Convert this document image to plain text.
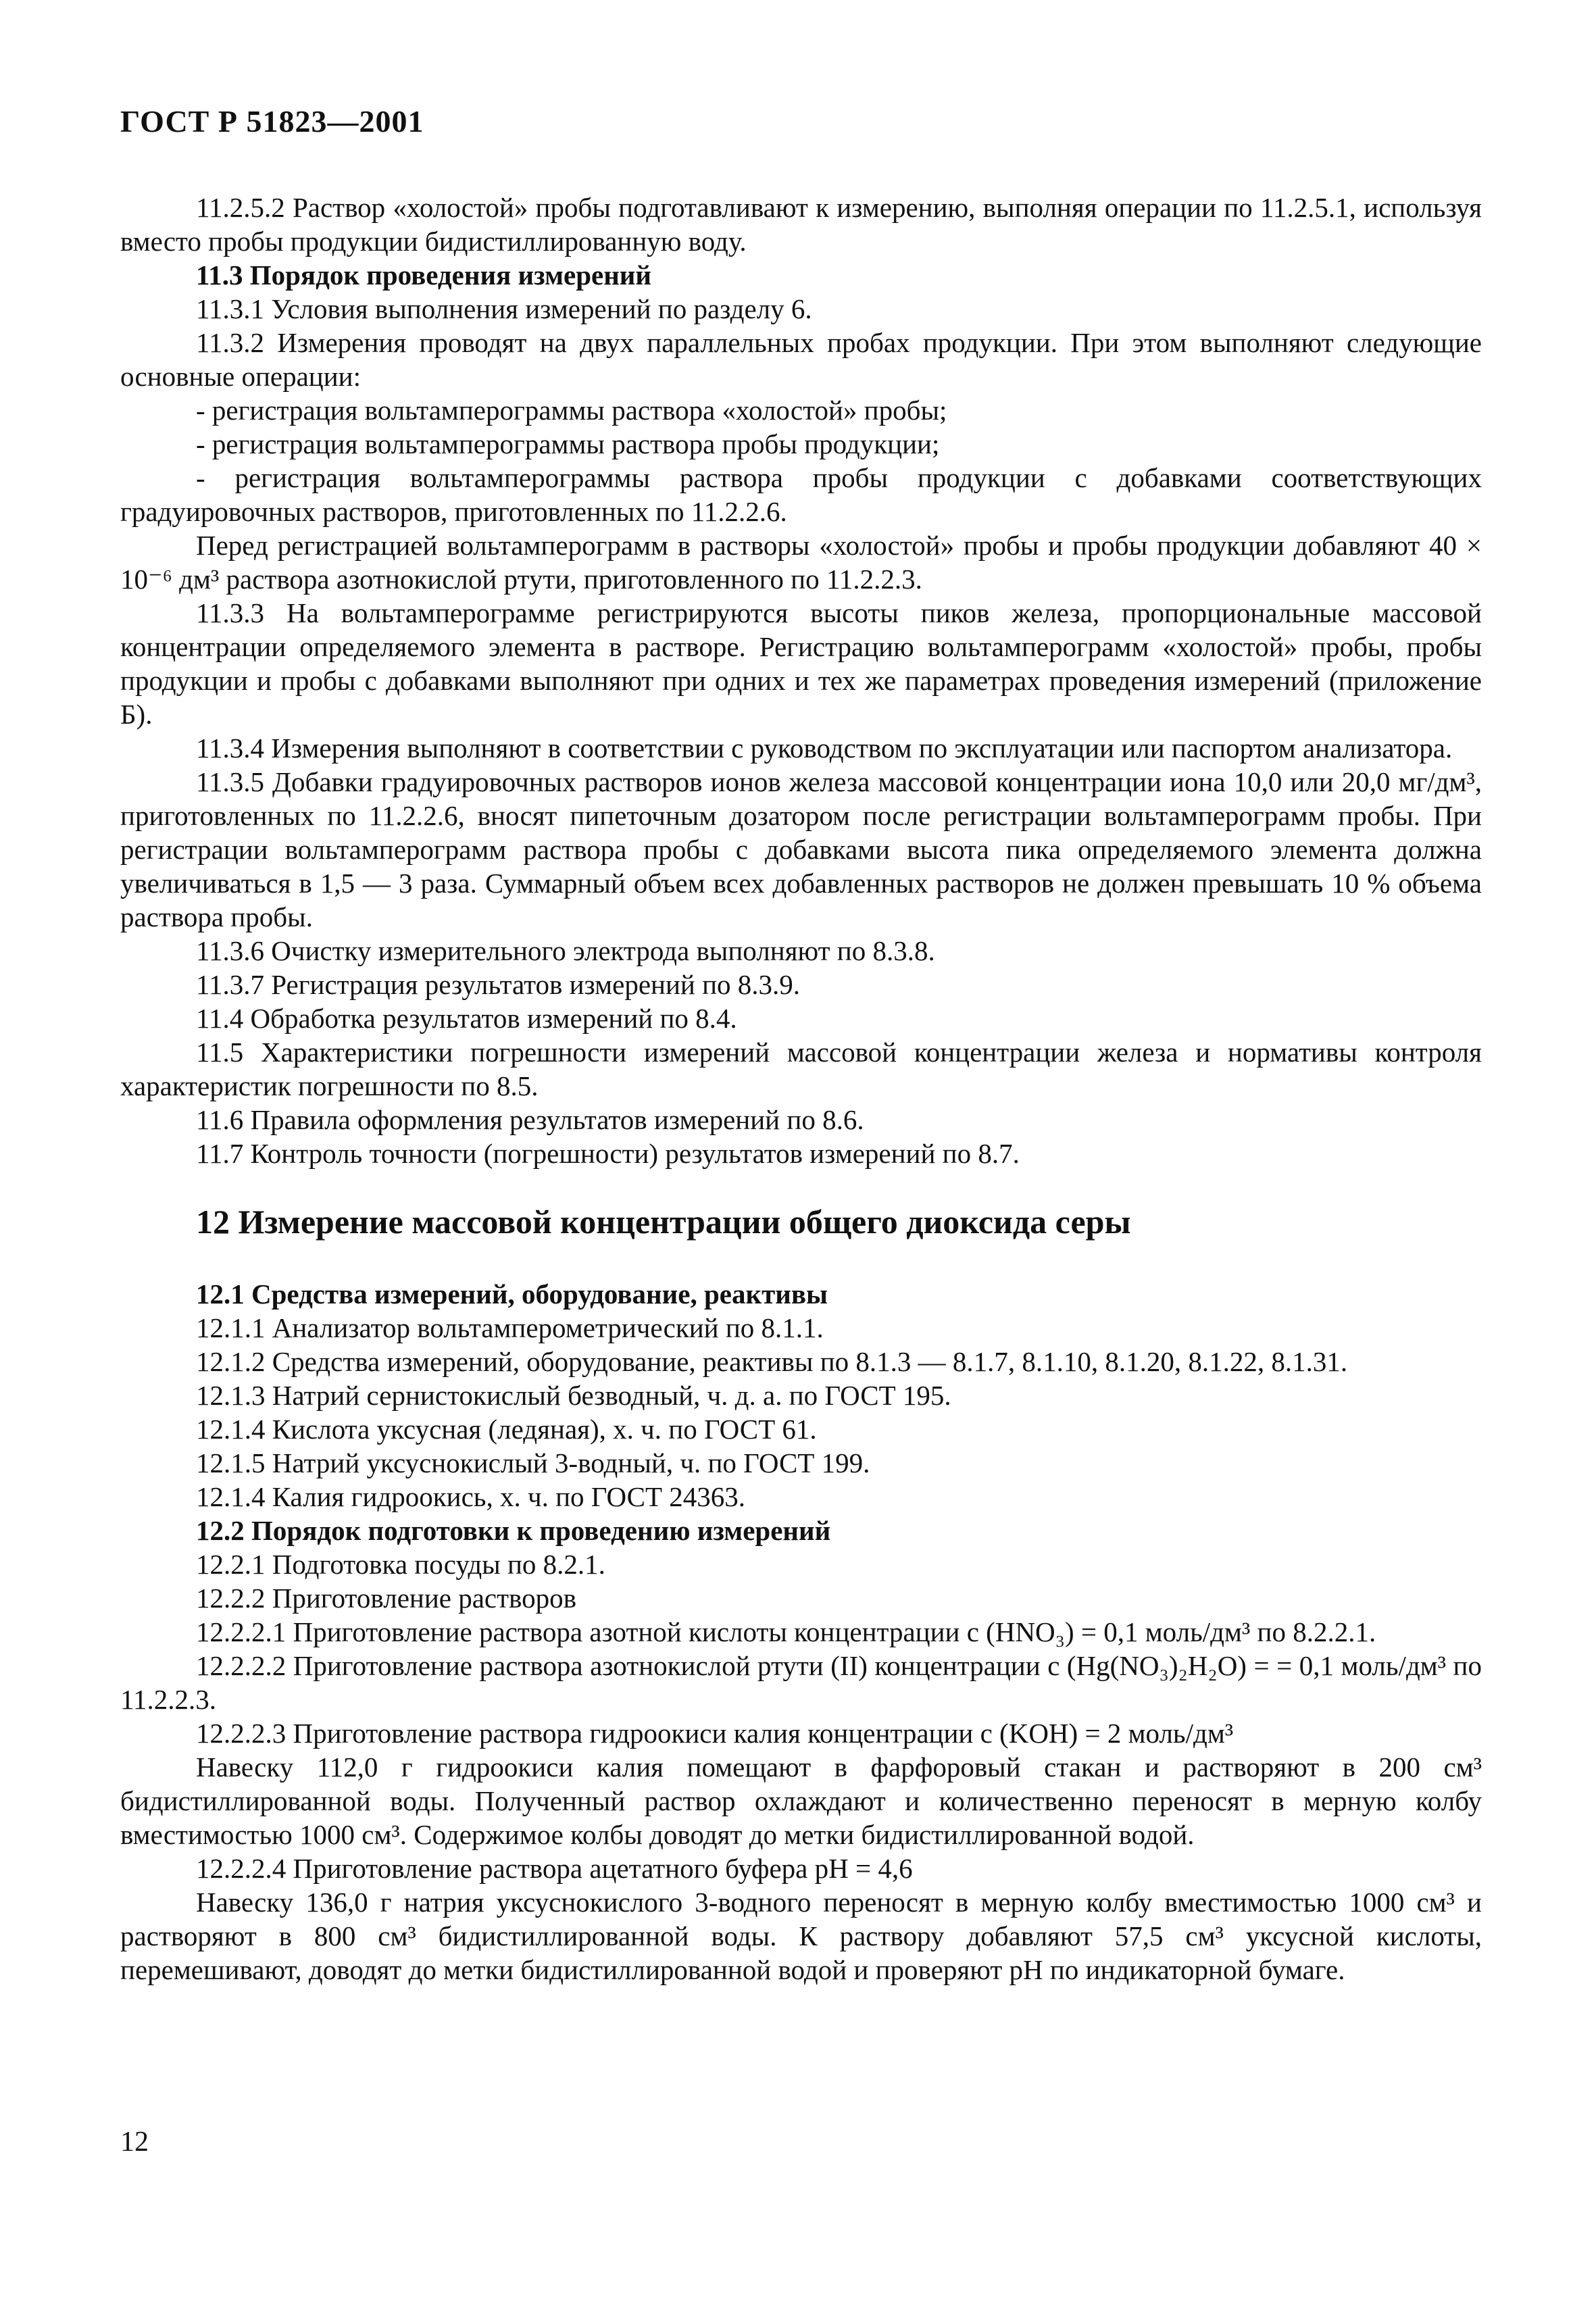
ГОСТ Р 51823—2001

11.2.5.2 Раствор «холостой» пробы подготавливают к измерению, выполняя операции по 11.2.5.1, используя вместо пробы продукции бидистиллированную воду.

11.3 Порядок проведения измерений

11.3.1 Условия выполнения измерений по разделу 6.

11.3.2 Измерения проводят на двух параллельных пробах продукции. При этом выполняют следующие основные операции:

- регистрация вольтамперограммы раствора «холостой» пробы;

- регистрация вольтамперограммы раствора пробы продукции;

- регистрация вольтамперограммы раствора пробы продукции с добавками соответствующих градуировочных растворов, приготовленных по 11.2.2.6.

Перед регистрацией вольтамперограмм в растворы «холостой» пробы и пробы продукции добавляют 40 × 10⁻⁶ дм³ раствора азотнокислой ртути, приготовленного по 11.2.2.3.

11.3.3 На вольтамперограмме регистрируются высоты пиков железа, пропорциональные массовой концентрации определяемого элемента в растворе. Регистрацию вольтамперограмм «холостой» пробы, пробы продукции и пробы с добавками выполняют при одних и тех же параметрах проведения измерений (приложение Б).

11.3.4 Измерения выполняют в соответствии с руководством по эксплуатации или паспортом анализатора.

11.3.5 Добавки градуировочных растворов ионов железа массовой концентрации иона 10,0 или 20,0 мг/дм³, приготовленных по 11.2.2.6, вносят пипеточным дозатором после регистрации вольтамперограмм пробы. При регистрации вольтамперограмм раствора пробы с добавками высота пика определяемого элемента должна увеличиваться в 1,5 — 3 раза. Суммарный объем всех добавленных растворов не должен превышать 10 % объема раствора пробы.

11.3.6 Очистку измерительного электрода выполняют по 8.3.8.

11.3.7 Регистрация результатов измерений по 8.3.9.

11.4 Обработка результатов измерений по 8.4.

11.5 Характеристики погрешности измерений массовой концентрации железа и нормативы контроля характеристик погрешности по 8.5.

11.6 Правила оформления результатов измерений по 8.6.

11.7 Контроль точности (погрешности) результатов измерений по 8.7.

12 Измерение массовой концентрации общего диоксида серы

12.1 Средства измерений, оборудование, реактивы

12.1.1 Анализатор вольтамперометрический по 8.1.1.

12.1.2 Средства измерений, оборудование, реактивы по 8.1.3 — 8.1.7, 8.1.10, 8.1.20, 8.1.22, 8.1.31.

12.1.3 Натрий сернистокислый безводный, ч. д. а. по ГОСТ 195.

12.1.4 Кислота уксусная (ледяная), х. ч. по ГОСТ 61.

12.1.5 Натрий уксуснокислый 3-водный, ч. по ГОСТ 199.

12.1.4 Калия гидроокись, х. ч. по ГОСТ 24363.

12.2 Порядок подготовки к проведению измерений

12.2.1 Подготовка посуды по 8.2.1.

12.2.2 Приготовление растворов

12.2.2.1 Приготовление раствора азотной кислоты концентрации c (HNO₃) = 0,1 моль/дм³ по 8.2.2.1.

12.2.2.2 Приготовление раствора азотнокислой ртути (II) концентрации c (Hg(NO₃)₂H₂O) = = 0,1 моль/дм³ по 11.2.2.3.

12.2.2.3 Приготовление раствора гидроокиси калия концентрации c (KOH) = 2 моль/дм³

Навеску 112,0 г гидроокиси калия помещают в фарфоровый стакан и растворяют в 200 см³ бидистиллированной воды. Полученный раствор охлаждают и количественно переносят в мерную колбу вместимостью 1000 см³. Содержимое колбы доводят до метки бидистиллированной водой.

12.2.2.4 Приготовление раствора ацетатного буфера pH = 4,6

Навеску 136,0 г натрия уксуснокислого 3-водного переносят в мерную колбу вместимостью 1000 см³ и растворяют в 800 см³ бидистиллированной воды. К раствору добавляют 57,5 см³ уксусной кислоты, перемешивают, доводят до метки бидистиллированной водой и проверяют pH по индикаторной бумаге.

12
